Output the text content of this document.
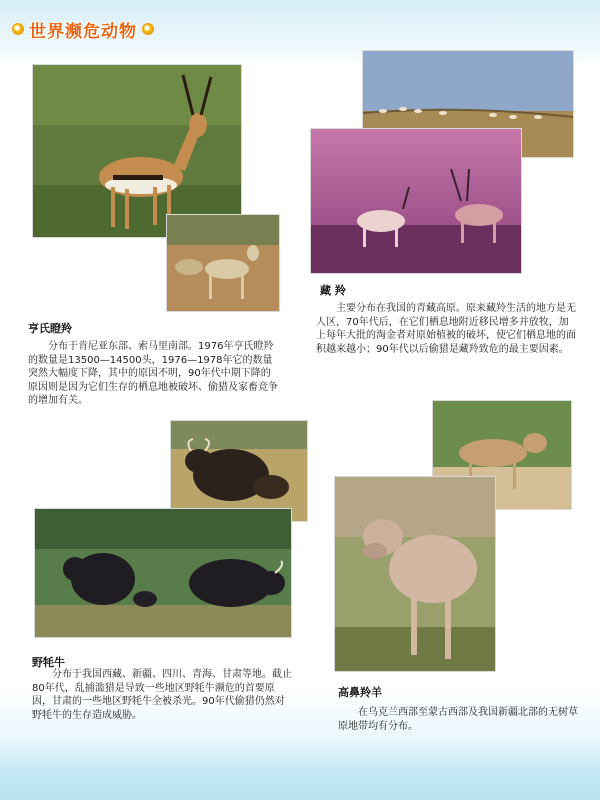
世界濒危动物
亨氏瞪羚

分布于肯尼亚东部、索马里南部。1976年亨氏瞪羚的数量是13500—14500头，1976—1978年它的数量突然大幅度下降，其中的原因不明，90年代中期下降的原因则是因为它们生存的栖息地被破坏、偷猎及家畜竞争的增加有关。

藏 羚

主要分布在我国的青藏高原。原来藏羚生活的地方是无人区，70年代后，在它们栖息地附近移民增多并放牧，加上每年大批的淘金者对原始植被的破坏，使它们栖息地的面积越来越小；90年代以后偷猎是藏羚致危的最主要因素。

野牦牛

分布于我国西藏、新疆、四川、青海、甘肃等地。截止80年代，乱捕滥猎是导致一些地区野牦牛濒危的首要原因，甘肃的一些地区野牦牛全被杀光。90年代偷猎仍然对野牦牛的生存造成威胁。

高鼻羚羊

在乌克兰西部至蒙古西部及我国新疆北部的无树草原地带均有分布。
